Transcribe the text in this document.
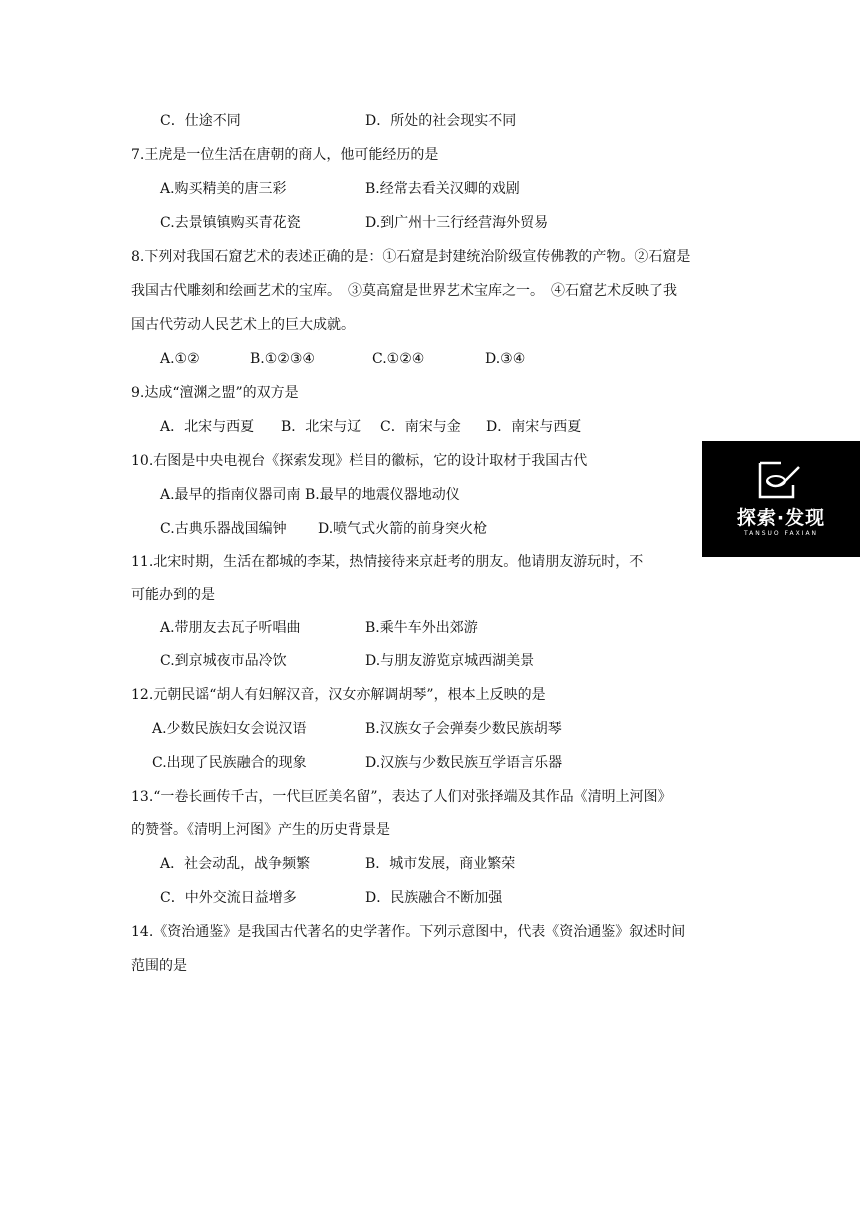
C．仕途不同	D．所处的社会现实不同
7.王虎是一位生活在唐朝的商人，他可能经历的是
A.购买精美的唐三彩	B.经常去看关汉卿的戏剧
C.去景镇镇购买青花瓷	D.到广州十三行经营海外贸易
8.下列对我国石窟艺术的表述正确的是：①石窟是封建统治阶级宣传佛教的产物。②石窟是
我国古代雕刻和绘画艺术的宝库。　③莫高窟是世界艺术宝库之一。　④石窟艺术反映了我
国古代劳动人民艺术上的巨大成就。
A.①②	B.①②③④	C.①②④	D.③④
9.达成“澶渊之盟”的双方是
A．北宋与西夏 B．北宋与辽 C．南宋与金 D．南宋与西夏
10.右图是中央电视台《探索发现》栏目的徽标，它的设计取材于我国古代
A.最早的指南仪器司南 B.最早的地震仪器地动仪
C.古典乐器战国编钟 D.喷气式火箭的前身突火枪	探索·发现
TANSUO FAXIAN
11.北宋时期，生活在都城的李某，热情接待来京赶考的朋友。他请朋友游玩时，不
可能办到的是
A.带朋友去瓦子听唱曲	B.乘牛车外出郊游
C.到京城夜市品冷饮	D.与朋友游览京城西湖美景
12.元朝民谣“胡人有妇解汉音，汉女亦解调胡琴”，根本上反映的是
A.少数民族妇女会说汉语	B.汉族女子会弹奏少数民族胡琴
C.出现了民族融合的现象	D.汉族与少数民族互学语言乐器
13.“一卷长画传千古，一代巨匠美名留”，表达了人们对张择端及其作品《清明上河图》
的赞誉。《清明上河图》产生的历史背景是
A．社会动乱，战争频繁	B．城市发展，商业繁荣
C．中外交流日益增多	D．民族融合不断加强
14.《资治通鉴》是我国古代著名的史学著作。下列示意图中，代表《资治通鉴》叙述时间
范围的是
